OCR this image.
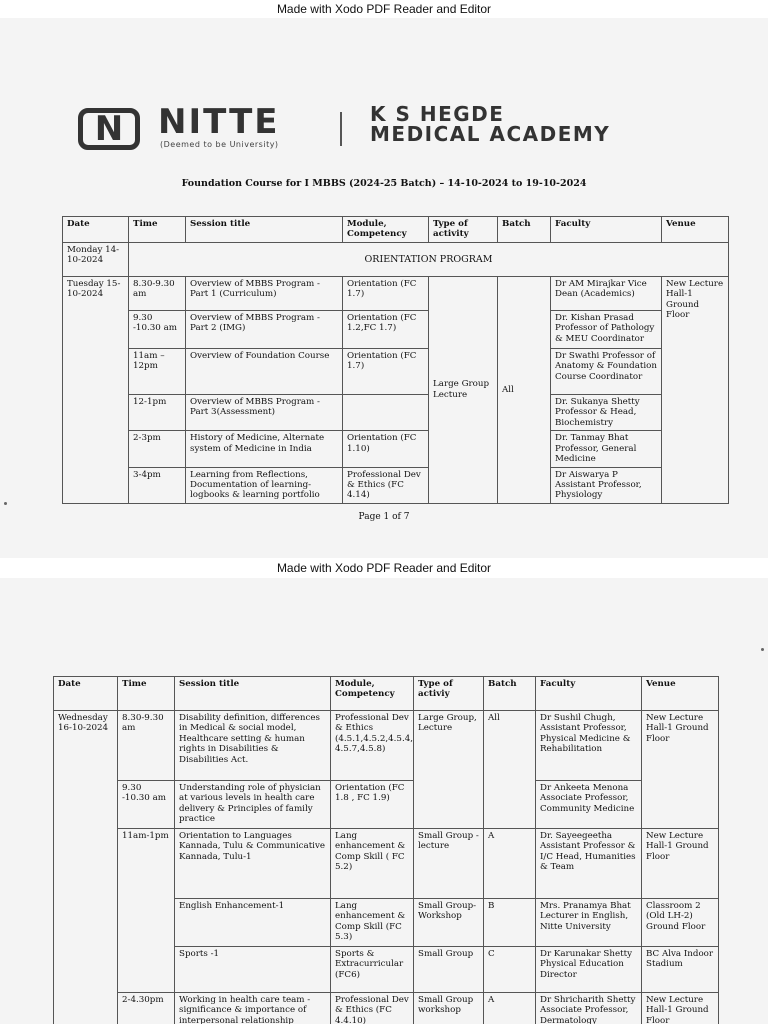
Made with Xodo PDF Reader and Editor
N
NITTE
(Deemed to be University)
K S HEGDE
MEDICAL ACADEMY
Foundation Course for I MBBS (2024-25 Batch) – 14-10-2024 to 19-10-2024
Date	Time	Session title	Module, Competency	Type of activity	Batch	Faculty	Venue
Monday 14-10-2024	ORIENTATION PROGRAM						
Tuesday 15-10-2024	8.30-9.30 am	Overview of MBBS Program - Part 1 (Curriculum)	Orientation (FC 1.7)	Large Group Lecture	All	Dr AM Mirajkar Vice Dean (Academics)	New Lecture Hall-1 Ground Floor
	9.30 -10.30 am	Overview of MBBS Program -Part 2 (IMG)	Orientation (FC 1.2,FC 1.7)			Dr. Kishan Prasad Professor of Pathology & MEU Coordinator	
	11am – 12pm	Overview of Foundation Course	Orientation (FC 1.7)			Dr Swathi Professor of Anatomy & Foundation Course Coordinator	
	12-1pm	Overview of MBBS Program - Part 3(Assessment)				Dr. Sukanya Shetty Professor & Head, Biochemistry	
	2-3pm	History of Medicine, Alternate system of Medicine in India	Orientation (FC 1.10)			Dr. Tanmay Bhat Professor, General Medicine	
	3-4pm	Learning from Reflections, Documentation of learning- logbooks & learning portfolio	Professional Dev & Ethics (FC 4.14)			Dr Aiswarya P Assistant Professor, Physiology	
Page 1 of 7
Made with Xodo PDF Reader and Editor
Date	Time	Session title	Module, Competency	Type of activiy	Batch	Faculty	Venue
Wednesday 16-10-2024	8.30-9.30 am	Disability definition, differences in Medical & social model, Healthcare setting & human rights in Disabilities & Disabilities Act.	Professional Dev & Ethics (4.5.1,4.5.2,4.5.4, 4.5.7,4.5.8)	Large Group, Lecture	All	Dr Sushil Chugh, Assistant Professor, Physical Medicine & Rehabilitation	New Lecture Hall-1 Ground Floor
	9.30 -10.30 am	Understanding role of physician at various levels in health care delivery & Principles of family practice	Orientation (FC 1.8 , FC 1.9)			Dr Ankeeta Menona Associate Professor, Community Medicine	
	11am-1pm	Orientation to Languages Kannada, Tulu & Communicative Kannada, Tulu-1	Lang enhancement & Comp Skill ( FC 5.2)	Small Group - lecture	A	Dr. Sayeegeetha Assistant Professor & I/C Head, Humanities & Team	New Lecture Hall-1 Ground Floor
		English Enhancement-1	Lang enhancement & Comp Skill (FC 5.3)	Small Group- Workshop	B	Mrs. Pranamya Bhat Lecturer in English, Nitte University	Classroom 2 (Old LH-2) Ground Floor
		Sports -1	Sports & Extracurricular (FC6)	Small Group	C	Dr Karunakar Shetty Physical Education Director	BC Alva Indoor Stadium
	2-4.30pm	Working in health care team - significance & importance of interpersonal relationship	Professional Dev & Ethics (FC 4.4.10)	Small Group workshop	A	Dr Shricharith Shetty Associate Professor, Dermatology	New Lecture Hall-1 Ground Floor
